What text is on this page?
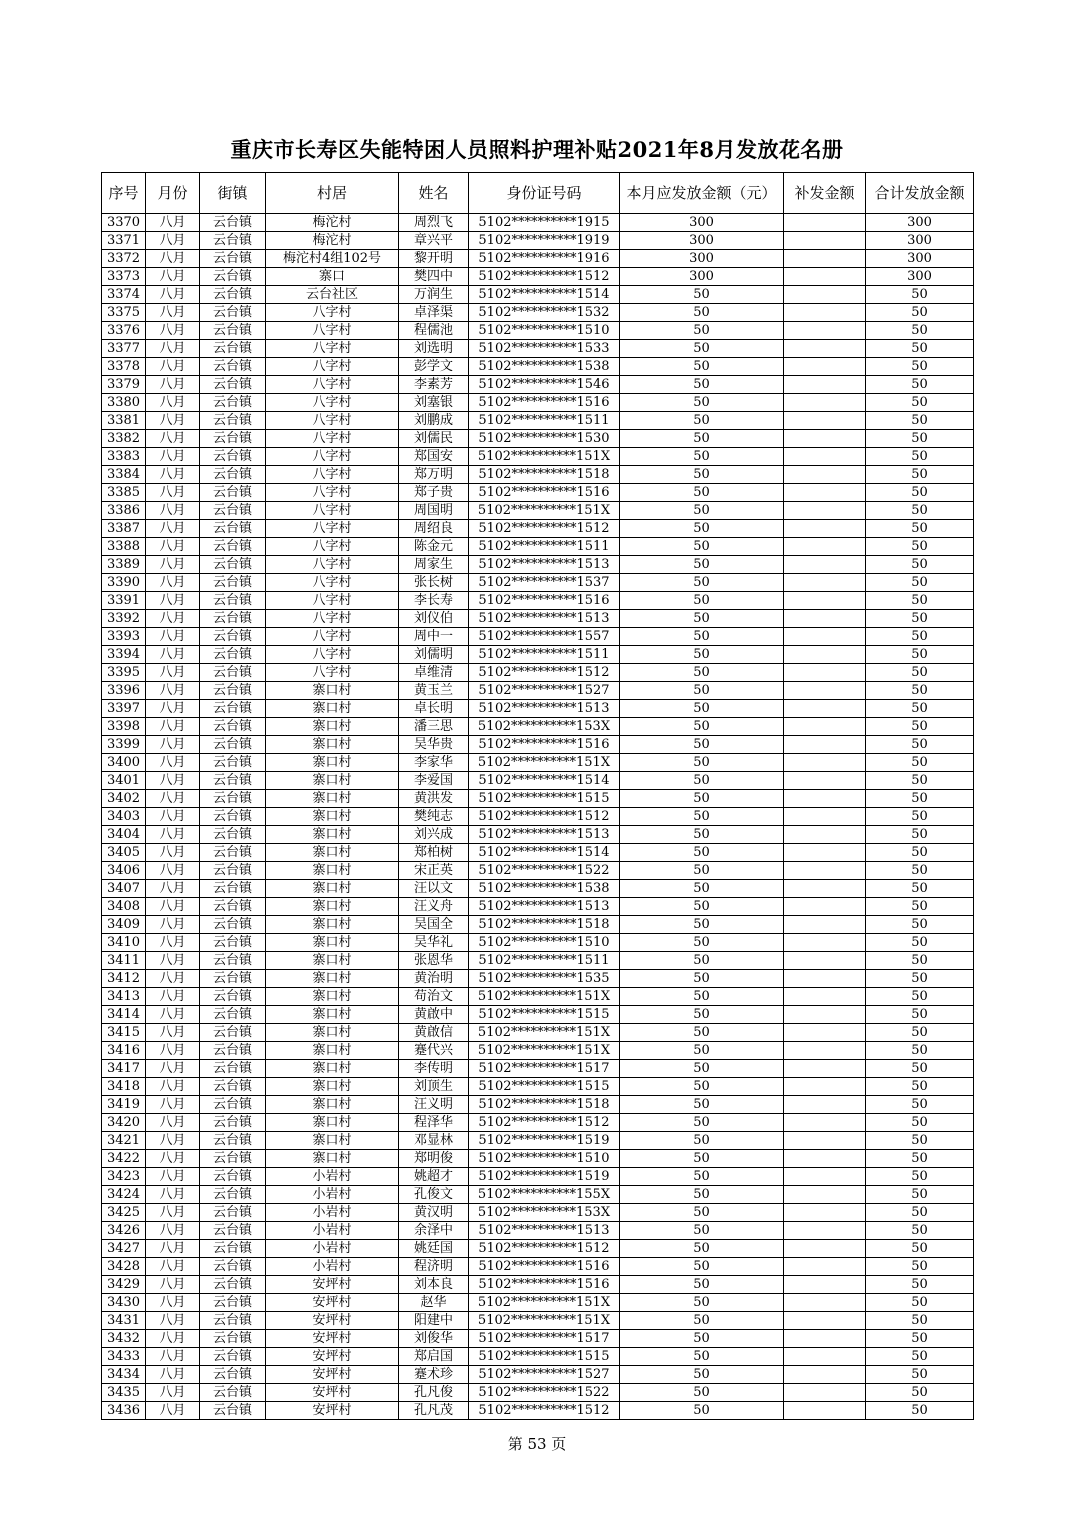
重庆市长寿区失能特困人员照料护理补贴2021年8月发放花名册
序号	月份	街镇	村居	姓名	身份证号码	本月应发放金额（元）	补发金额	合计发放金额
3370	八月	云台镇	梅沱村	周烈飞	5102**********1915	300		300
3371	八月	云台镇	梅沱村	章兴平	5102**********1919	300		300
3372	八月	云台镇	梅沱村4组102号	黎开明	5102**********1916	300		300
3373	八月	云台镇	寨口	樊四中	5102**********1512	300		300
3374	八月	云台镇	云台社区	万润生	5102**********1514	50		50
3375	八月	云台镇	八字村	卓泽渠	5102**********1532	50		50
3376	八月	云台镇	八字村	程儒池	5102**********1510	50		50
3377	八月	云台镇	八字村	刘选明	5102**********1533	50		50
3378	八月	云台镇	八字村	彭学文	5102**********1538	50		50
3379	八月	云台镇	八字村	李素芳	5102**********1546	50		50
3380	八月	云台镇	八字村	刘塞银	5102**********1516	50		50
3381	八月	云台镇	八字村	刘鹏成	5102**********1511	50		50
3382	八月	云台镇	八字村	刘儒民	5102**********1530	50		50
3383	八月	云台镇	八字村	郑国安	5102**********151X	50		50
3384	八月	云台镇	八字村	郑万明	5102**********1518	50		50
3385	八月	云台镇	八字村	郑子贵	5102**********1516	50		50
3386	八月	云台镇	八字村	周国明	5102**********151X	50		50
3387	八月	云台镇	八字村	周绍良	5102**********1512	50		50
3388	八月	云台镇	八字村	陈金元	5102**********1511	50		50
3389	八月	云台镇	八字村	周家生	5102**********1513	50		50
3390	八月	云台镇	八字村	张长树	5102**********1537	50		50
3391	八月	云台镇	八字村	李长寿	5102**********1516	50		50
3392	八月	云台镇	八字村	刘仪伯	5102**********1513	50		50
3393	八月	云台镇	八字村	周中一	5102**********1557	50		50
3394	八月	云台镇	八字村	刘儒明	5102**********1511	50		50
3395	八月	云台镇	八字村	卓维清	5102**********1512	50		50
3396	八月	云台镇	寨口村	黄玉兰	5102**********1527	50		50
3397	八月	云台镇	寨口村	卓长明	5102**********1513	50		50
3398	八月	云台镇	寨口村	潘三思	5102**********153X	50		50
3399	八月	云台镇	寨口村	吴华贵	5102**********1516	50		50
3400	八月	云台镇	寨口村	李家华	5102**********151X	50		50
3401	八月	云台镇	寨口村	李爱国	5102**********1514	50		50
3402	八月	云台镇	寨口村	黄洪发	5102**********1515	50		50
3403	八月	云台镇	寨口村	樊纯志	5102**********1512	50		50
3404	八月	云台镇	寨口村	刘兴成	5102**********1513	50		50
3405	八月	云台镇	寨口村	郑柏树	5102**********1514	50		50
3406	八月	云台镇	寨口村	宋正英	5102**********1522	50		50
3407	八月	云台镇	寨口村	汪以文	5102**********1538	50		50
3408	八月	云台镇	寨口村	汪义舟	5102**********1513	50		50
3409	八月	云台镇	寨口村	吴国全	5102**********1518	50		50
3410	八月	云台镇	寨口村	吴华礼	5102**********1510	50		50
3411	八月	云台镇	寨口村	张恩华	5102**********1511	50		50
3412	八月	云台镇	寨口村	黄治明	5102**********1535	50		50
3413	八月	云台镇	寨口村	苟治文	5102**********151X	50		50
3414	八月	云台镇	寨口村	黄啟中	5102**********1515	50		50
3415	八月	云台镇	寨口村	黄啟信	5102**********151X	50		50
3416	八月	云台镇	寨口村	蹇代兴	5102**********151X	50		50
3417	八月	云台镇	寨口村	李传明	5102**********1517	50		50
3418	八月	云台镇	寨口村	刘顶生	5102**********1515	50		50
3419	八月	云台镇	寨口村	汪义明	5102**********1518	50		50
3420	八月	云台镇	寨口村	程泽华	5102**********1512	50		50
3421	八月	云台镇	寨口村	邓显林	5102**********1519	50		50
3422	八月	云台镇	寨口村	郑明俊	5102**********1510	50		50
3423	八月	云台镇	小岩村	姚超才	5102**********1519	50		50
3424	八月	云台镇	小岩村	孔俊文	5102**********155X	50		50
3425	八月	云台镇	小岩村	黄汉明	5102**********153X	50		50
3426	八月	云台镇	小岩村	余泽中	5102**********1513	50		50
3427	八月	云台镇	小岩村	姚廷国	5102**********1512	50		50
3428	八月	云台镇	小岩村	程济明	5102**********1516	50		50
3429	八月	云台镇	安坪村	刘本良	5102**********1516	50		50
3430	八月	云台镇	安坪村	赵华	5102**********151X	50		50
3431	八月	云台镇	安坪村	阳建中	5102**********151X	50		50
3432	八月	云台镇	安坪村	刘俊华	5102**********1517	50		50
3433	八月	云台镇	安坪村	郑启国	5102**********1515	50		50
3434	八月	云台镇	安坪村	蹇术珍	5102**********1527	50		50
3435	八月	云台镇	安坪村	孔凡俊	5102**********1522	50		50
3436	八月	云台镇	安坪村	孔凡茂	5102**********1512	50		50
第 53 页
